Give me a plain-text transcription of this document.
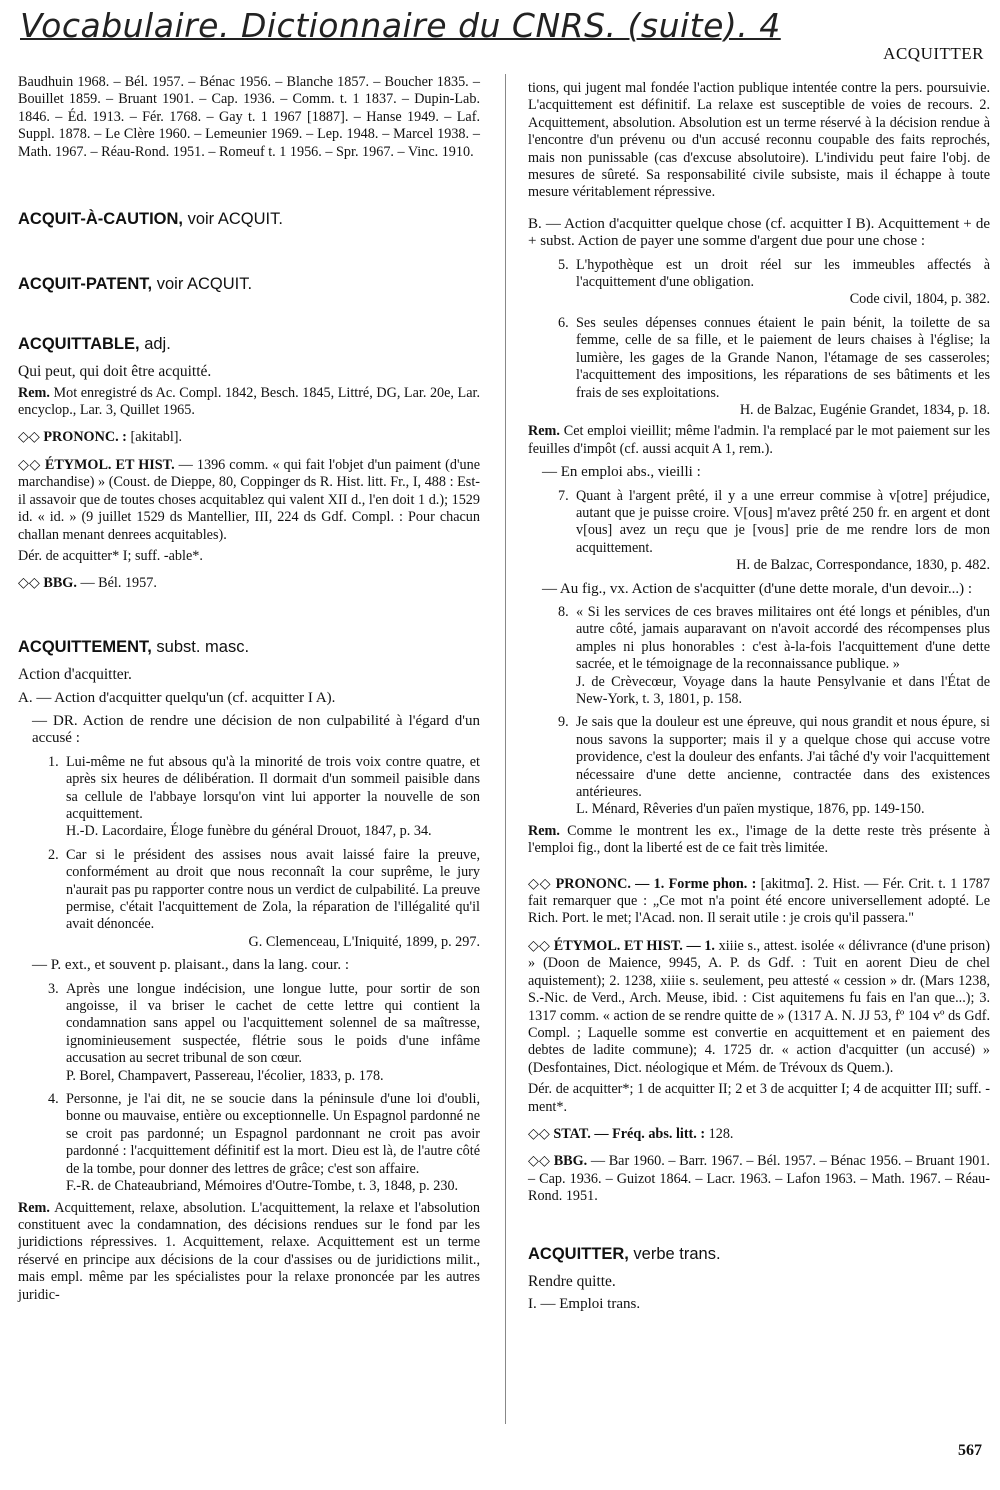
Vocabulaire. Dictionnaire du CNRS. (suite). 4
ACQUITTER

Baudhuin 1968. – Bél. 1957. – Bénac 1956. – Blanche 1857. – Boucher 1835. – Bouillet 1859. – Bruant 1901. – Cap. 1936. – Comm. t. 1 1837. – Dupin-Lab. 1846. – Éd. 1913. – Fér. 1768. – Gay t. 1 1967 [1887]. – Hanse 1949. – Laf. Suppl. 1878. – Le Clère 1960. – Lemeunier 1969. – Lep. 1948. – Marcel 1938. – Math. 1967. – Réau-Rond. 1951. – Romeuf t. 1 1956. – Spr. 1967. – Vinc. 1910.

ACQUIT-À-CAUTION, voir ACQUIT.
ACQUIT-PATENT, voir ACQUIT.
ACQUITTABLE, adj.

Qui peut, qui doit être acquitté.

Rem. Mot enregistré ds Ac. Compl. 1842, Besch. 1845, Littré, DG, Lar. 20e, Lar. encyclop., Lar. 3, Quillet 1965.

◇◇ PRONONC. : [akitabl].

◇◇ ÉTYMOL. ET HIST. — 1396 comm. « qui fait l'objet d'un paiment (d'une marchandise) » (Coust. de Dieppe, 80, Coppinger ds R. Hist. litt. Fr., I, 488 : Est-il assavoir que de toutes choses acquitablez qui valent XII d., l'en doit 1 d.); 1529 id. « id. » (9 juillet 1529 ds Mantellier, III, 224 ds Gdf. Compl. : Pour chacun challan menant denrees acquitables).

Dér. de acquitter* I; suff. -able*.

◇◇ BBG. — Bél. 1957.

ACQUITTEMENT, subst. masc.

Action d'acquitter.

A. — Action d'acquitter quelqu'un (cf. acquitter I A).

— DR. Action de rendre une décision de non culpabilité à l'égard d'un accusé :

1. Lui-même ne fut absous qu'à la minorité de trois voix contre quatre, et après six heures de délibération. Il dormait d'un sommeil paisible dans sa cellule de l'abbaye lorsqu'on vint lui apporter la nouvelle de son acquittement.

H.-D. Lacordaire, Éloge funèbre du général Drouot, 1847, p. 34.

2. Car si le président des assises nous avait laissé faire la preuve, conformément au droit que nous reconnaît la cour suprême, le jury n'aurait pas pu rapporter contre nous un verdict de culpabilité. La preuve permise, c'était l'acquittement de Zola, la réparation de l'illégalité qu'il avait dénoncée.

G. Clemenceau, L'Iniquité, 1899, p. 297.

— P. ext., et souvent p. plaisant., dans la lang. cour. :

3. Après une longue indécision, une longue lutte, pour sortir de son angoisse, il va briser le cachet de cette lettre qui contient la condamnation sans appel ou l'acquittement solennel de sa maîtresse, ignominieusement suspectée, flétrie sous le poids d'une infâme accusation au secret tribunal de son cœur.

P. Borel, Champavert, Passereau, l'écolier, 1833, p. 178.

4. Personne, je l'ai dit, ne se soucie dans la péninsule d'une loi d'oubli, bonne ou mauvaise, entière ou exceptionnelle. Un Espagnol pardonné ne se croit pas pardonné; un Espagnol pardonnant ne croit pas avoir pardonné : l'acquittement définitif est la mort. Dieu est là, de l'autre côté de la tombe, pour donner des lettres de grâce; c'est son affaire.

F.-R. de Chateaubriand, Mémoires d'Outre-Tombe, t. 3, 1848, p. 230.

Rem. Acquittement, relaxe, absolution. L'acquittement, la relaxe et l'absolution constituent avec la condamnation, des décisions rendues sur le fond par les juridictions répressives. 1. Acquittement, relaxe. Acquittement est un terme réservé en principe aux décisions de la cour d'assises ou de juridictions milit., mais empl. même par les spécialistes pour la relaxe prononcée par les autres juridic-

tions, qui jugent mal fondée l'action publique intentée contre la pers. poursuivie. L'acquittement est définitif. La relaxe est susceptible de voies de recours. 2. Acquittement, absolution. Absolution est un terme réservé à la décision rendue à l'encontre d'un prévenu ou d'un accusé reconnu coupable des faits reprochés, mais non punissable (cas d'excuse absolutoire). L'individu peut faire l'obj. de mesures de sûreté. Sa responsabilité civile subsiste, mais il échappe à toute mesure véritablement répressive.

B. — Action d'acquitter quelque chose (cf. acquitter I B). Acquittement + de + subst. Action de payer une somme d'argent due pour une chose :

5. L'hypothèque est un droit réel sur les immeubles affectés à l'acquittement d'une obligation.

Code civil, 1804, p. 382.

6. Ses seules dépenses connues étaient le pain bénit, la toilette de sa femme, celle de sa fille, et le paiement de leurs chaises à l'église; la lumière, les gages de la Grande Nanon, l'étamage de ses casseroles; l'acquittement des impositions, les réparations de ses bâtiments et les frais de ses exploitations.

H. de Balzac, Eugénie Grandet, 1834, p. 18.

Rem. Cet emploi vieillit; même l'admin. l'a remplacé par le mot paiement sur les feuilles d'impôt (cf. aussi acquit A 1, rem.).

— En emploi abs., vieilli :

7. Quant à l'argent prêté, il y a une erreur commise à v[otre] préjudice, autant que je puisse croire. V[ous] m'avez prêté 250 fr. en argent et dont v[ous] avez un reçu que je [vous] prie de me rendre lors de mon acquittement.

H. de Balzac, Correspondance, 1830, p. 482.

— Au fig., vx. Action de s'acquitter (d'une dette morale, d'un devoir...) :

8. « Si les services de ces braves militaires ont été longs et pénibles, d'un autre côté, jamais auparavant on n'avoit accordé des récompenses plus amples ni plus honorables : c'est à-la-fois l'acquittement d'une dette sacrée, et le témoignage de la reconnaissance publique. »

J. de Crèvecœur, Voyage dans la haute Pensylvanie et dans l'État de New-York, t. 3, 1801, p. 158.

9. Je sais que la douleur est une épreuve, qui nous grandit et nous épure, si nous savons la supporter; mais il y a quelque chose qui accuse votre providence, c'est la douleur des enfants. J'ai tâché d'y voir l'acquittement nécessaire d'une dette ancienne, contractée dans des existences antérieures.

L. Ménard, Rêveries d'un païen mystique, 1876, pp. 149-150.

Rem. Comme le montrent les ex., l'image de la dette reste très présente à l'emploi fig., dont la liberté est de ce fait très limitée.

◇◇ PRONONC. — 1. Forme phon. : [akitmɑ̃]. 2. Hist. — Fér. Crit. t. 1 1787 fait remarquer que : „Ce mot n'a point été encore universellement adopté. Le Rich. Port. le met; l'Acad. non. Il serait utile : je crois qu'il passera."

◇◇ ÉTYMOL. ET HIST. — 1. xiiie s., attest. isolée « délivrance (d'une prison) » (Doon de Maience, 9945, A. P. ds Gdf. : Tuit en aorent Dieu de chel aquistement); 2. 1238, xiiie s. seulement, peu attesté « cession » dr. (Mars 1238, S.-Nic. de Verd., Arch. Meuse, ibid. : Cist aquitemens fu fais en l'an que...); 3. 1317 comm. « action de se rendre quitte de » (1317 A. N. JJ 53, fº 104 vº ds Gdf. Compl. ; Laquelle somme est convertie en acquittement et en paiement des debtes de ladite commune); 4. 1725 dr. « action d'acquitter (un accusé) » (Desfontaines, Dict. néologique et Mém. de Trévoux ds Quem.).

Dér. de acquitter*; 1 de acquitter II; 2 et 3 de acquitter I; 4 de acquitter III; suff. -ment*.

◇◇ STAT. — Fréq. abs. litt. : 128.

◇◇ BBG. — Bar 1960. – Barr. 1967. – Bél. 1957. – Bénac 1956. – Bruant 1901. – Cap. 1936. – Guizot 1864. – Lacr. 1963. – Lafon 1963. – Math. 1967. – Réau-Rond. 1951.

ACQUITTER, verbe trans.

Rendre quitte.

I. — Emploi trans.

567
